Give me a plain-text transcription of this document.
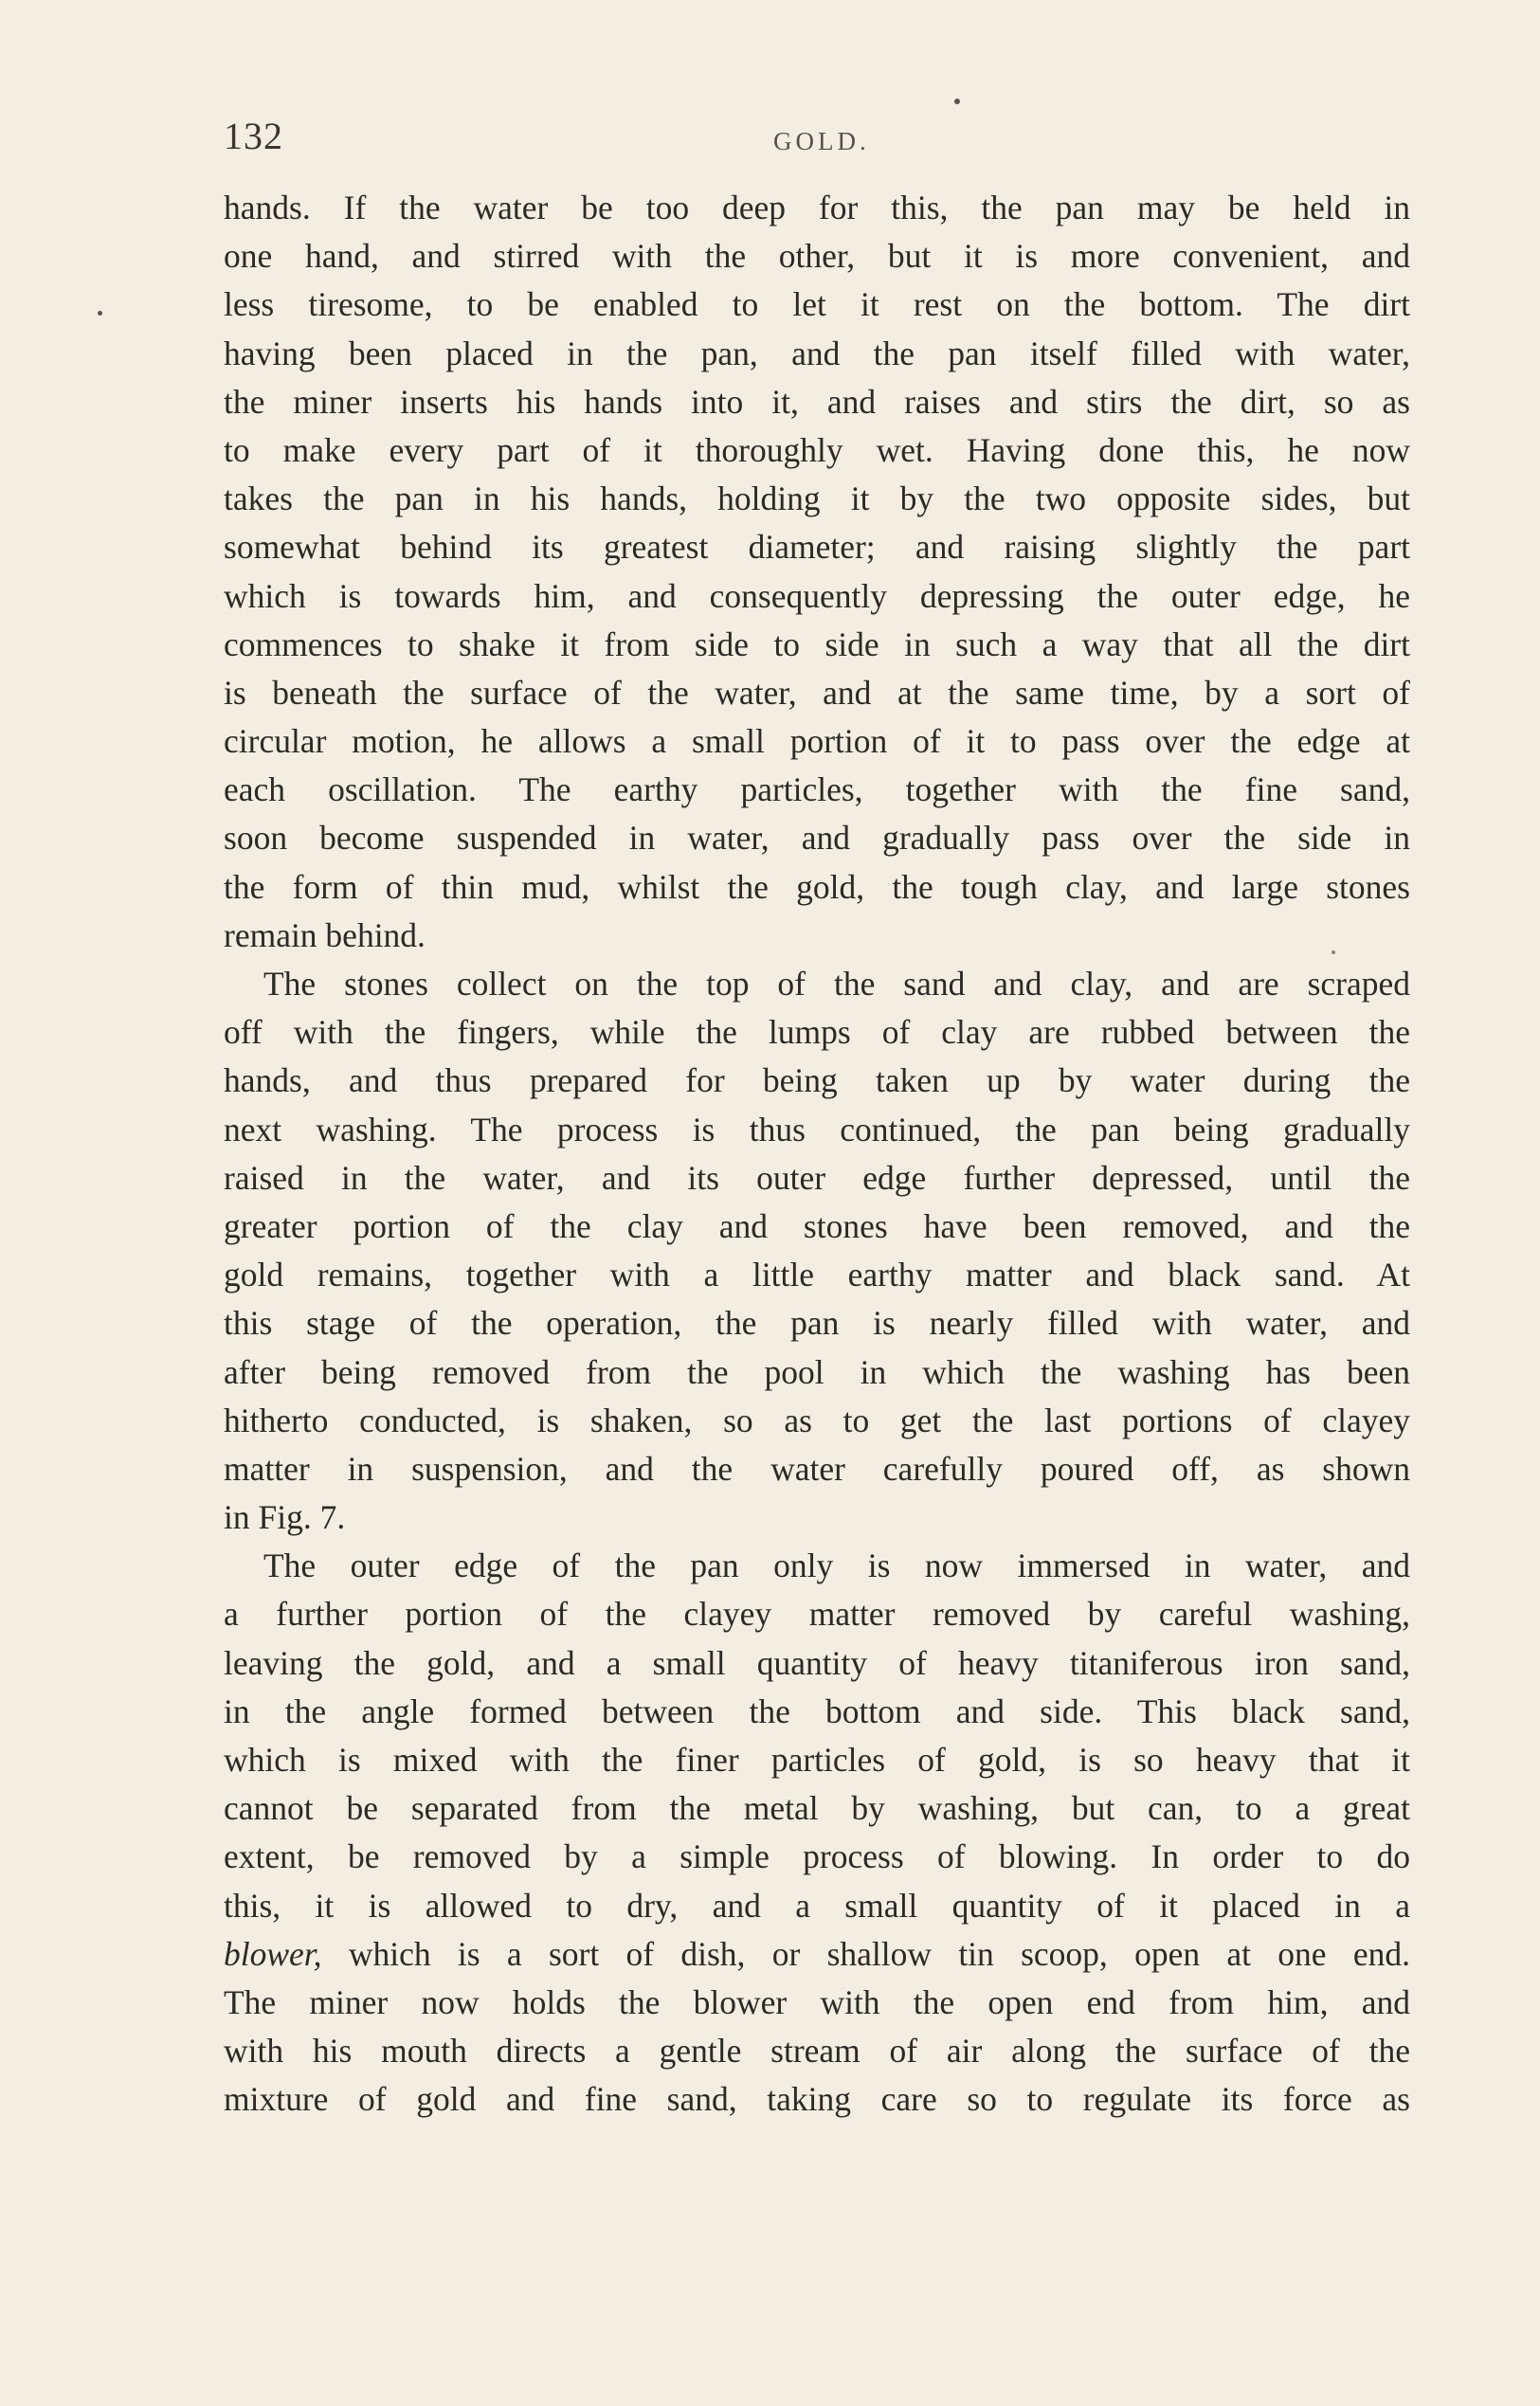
132	GOLD.
hands. If the water be too deep for this, the pan may be held in
one hand, and stirred with the other, but it is more convenient, and
less tiresome, to be enabled to let it rest on the bottom. The dirt
having been placed in the pan, and the pan itself filled with water,
the miner inserts his hands into it, and raises and stirs the dirt, so as
to make every part of it thoroughly wet. Having done this, he now
takes the pan in his hands, holding it by the two opposite sides, but
somewhat behind its greatest diameter; and raising slightly the part
which is towards him, and consequently depressing the outer edge, he
commences to shake it from side to side in such a way that all the dirt
is beneath the surface of the water, and at the same time, by a sort of
circular motion, he allows a small portion of it to pass over the edge at
each oscillation. The earthy particles, together with the fine sand,
soon become suspended in water, and gradually pass over the side in
the form of thin mud, whilst the gold, the tough clay, and large stones
remain behind.
The stones collect on the top of the sand and clay, and are scraped
off with the fingers, while the lumps of clay are rubbed between the
hands, and thus prepared for being taken up by water during the
next washing. The process is thus continued, the pan being gradually
raised in the water, and its outer edge further depressed, until the
greater portion of the clay and stones have been removed, and the
gold remains, together with a little earthy matter and black sand. At
this stage of the operation, the pan is nearly filled with water, and
after being removed from the pool in which the washing has been
hitherto conducted, is shaken, so as to get the last portions of clayey
matter in suspension, and the water carefully poured off, as shown
in Fig. 7.
The outer edge of the pan only is now immersed in water, and
a further portion of the clayey matter removed by careful washing,
leaving the gold, and a small quantity of heavy titaniferous iron sand,
in the angle formed between the bottom and side. This black sand,
which is mixed with the finer particles of gold, is so heavy that it
cannot be separated from the metal by washing, but can, to a great
extent, be removed by a simple process of blowing. In order to do
this, it is allowed to dry, and a small quantity of it placed in a
blower, which is a sort of dish, or shallow tin scoop, open at one end.
The miner now holds the blower with the open end from him, and
with his mouth directs a gentle stream of air along the surface of the
mixture of gold and fine sand, taking care so to regulate its force as
